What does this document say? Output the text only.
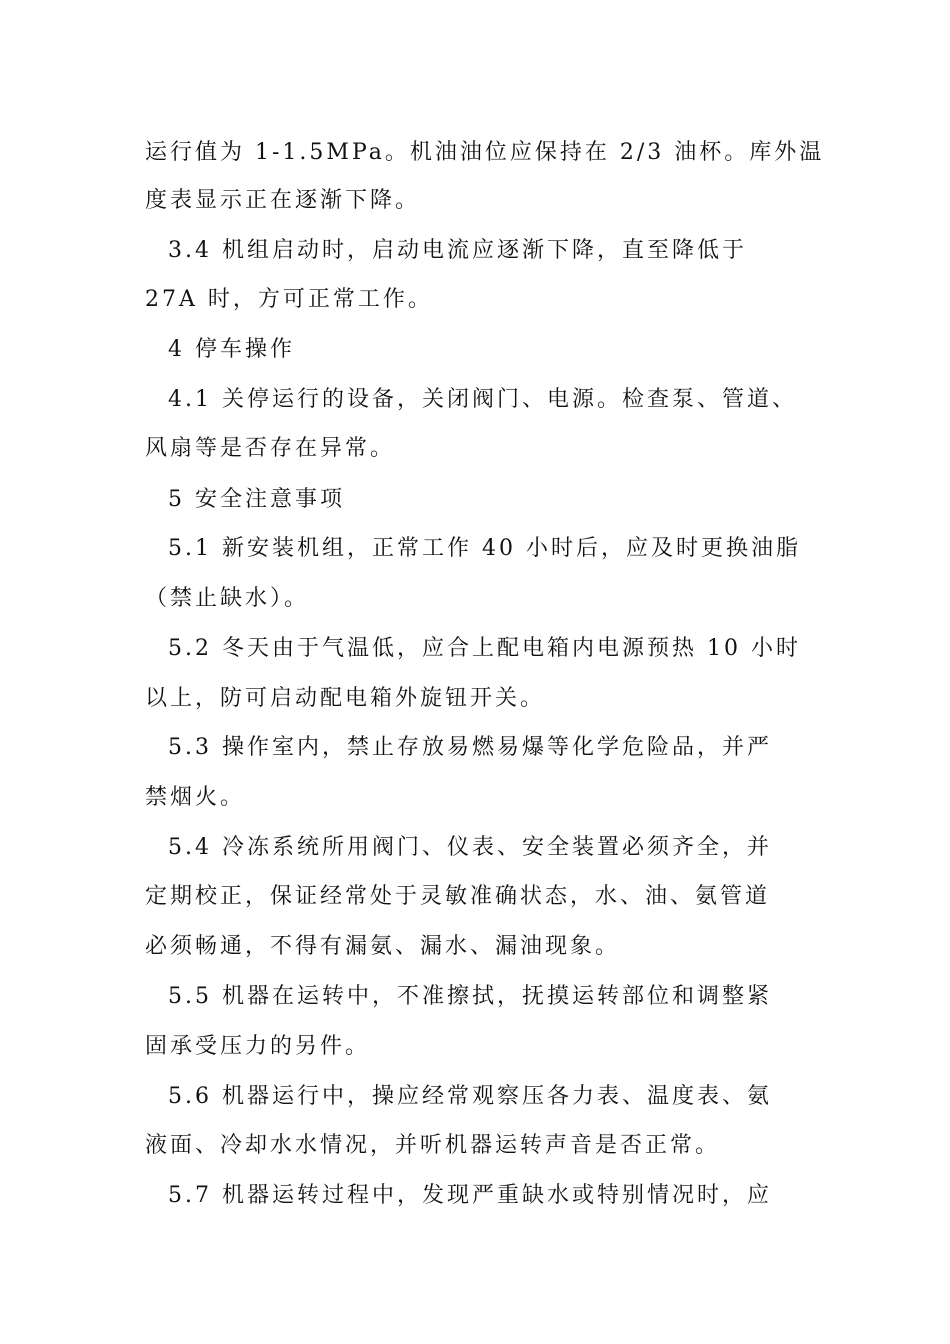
运行值为 1-1.5MPa。机油油位应保持在 2/3 油杯。库外温
度表显示正在逐渐下降。
3.4 机组启动时，启动电流应逐渐下降，直至降低于
27A 时，方可正常工作。
4 停车操作
4.1 关停运行的设备，关闭阀门、电源。检查泵、管道、
风扇等是否存在异常。
5 安全注意事项
5.1 新安装机组，正常工作 40 小时后，应及时更换油脂
（禁止缺水）。
5.2 冬天由于气温低，应合上配电箱内电源预热 10 小时
以上，防可启动配电箱外旋钮开关。
5.3 操作室内，禁止存放易燃易爆等化学危险品，并严
禁烟火。
5.4 冷冻系统所用阀门、仪表、安全装置必须齐全，并
定期校正，保证经常处于灵敏准确状态，水、油、氨管道
必须畅通，不得有漏氨、漏水、漏油现象。
5.5 机器在运转中，不准擦拭，抚摸运转部位和调整紧
固承受压力的另件。
5.6 机器运行中，操应经常观察压各力表、温度表、氨
液面、冷却水水情况，并听机器运转声音是否正常。
5.7 机器运转过程中，发现严重缺水或特别情况时，应
